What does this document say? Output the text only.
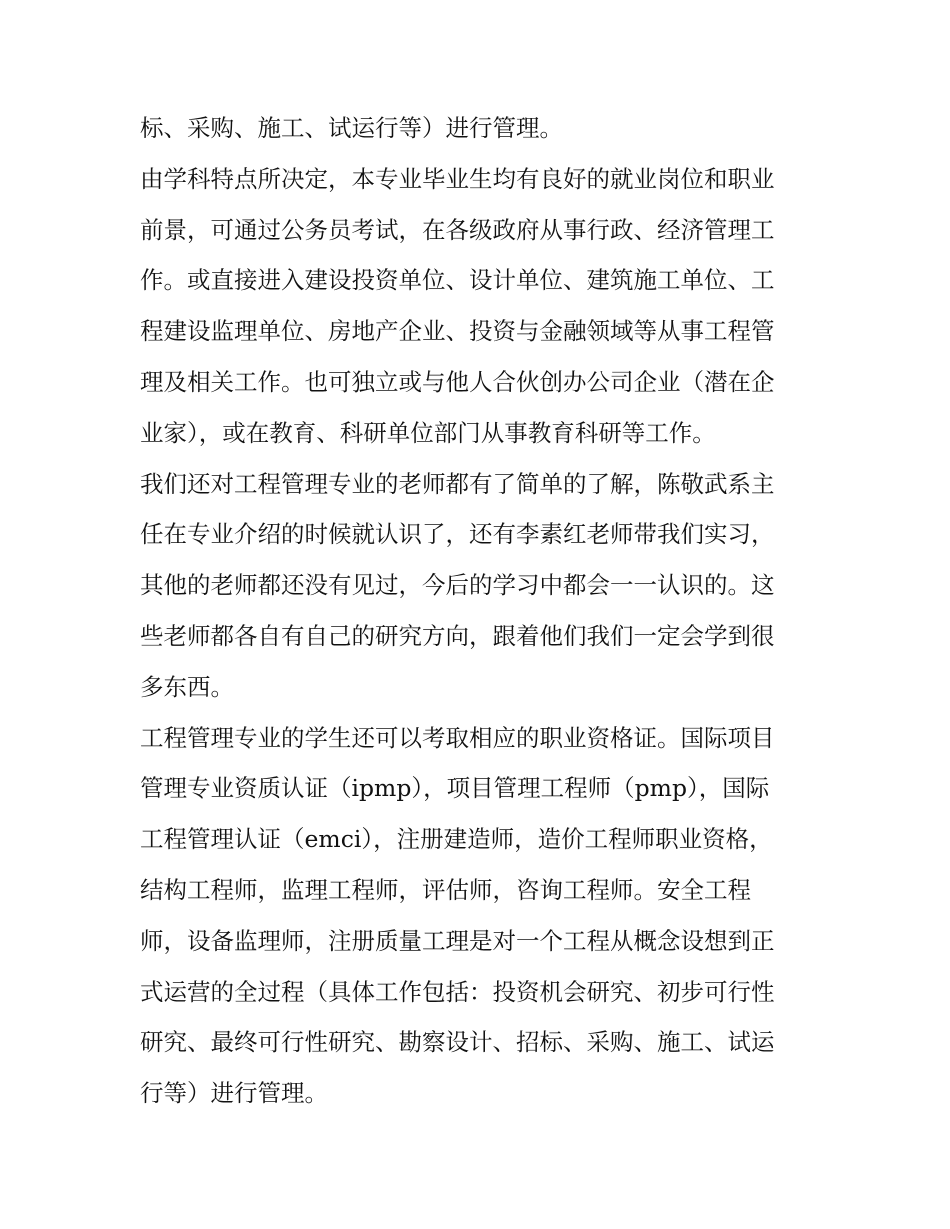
标、采购、施工、试运行等）进行管理。
由学科特点所决定，本专业毕业生均有良好的就业岗位和职业
前景，可通过公务员考试，在各级政府从事行政、经济管理工
作。或直接进入建设投资单位、设计单位、建筑施工单位、工
程建设监理单位、房地产企业、投资与金融领域等从事工程管
理及相关工作。也可独立或与他人合伙创办公司企业（潜在企
业家），或在教育、科研单位部门从事教育科研等工作。
我们还对工程管理专业的老师都有了简单的了解，陈敬武系主
任在专业介绍的时候就认识了，还有李素红老师带我们实习，
其他的老师都还没有见过，今后的学习中都会一一认识的。这
些老师都各自有自己的研究方向，跟着他们我们一定会学到很
多东西。
工程管理专业的学生还可以考取相应的职业资格证。国际项目
管理专业资质认证（ipmp），项目管理工程师（pmp），国际
工程管理认证（emci），注册建造师，造价工程师职业资格，
结构工程师，监理工程师，评估师，咨询工程师。安全工程
师，设备监理师，注册质量工理是对一个工程从概念设想到正
式运营的全过程（具体工作包括：投资机会研究、初步可行性
研究、最终可行性研究、勘察设计、招标、采购、施工、试运
行等）进行管理。
